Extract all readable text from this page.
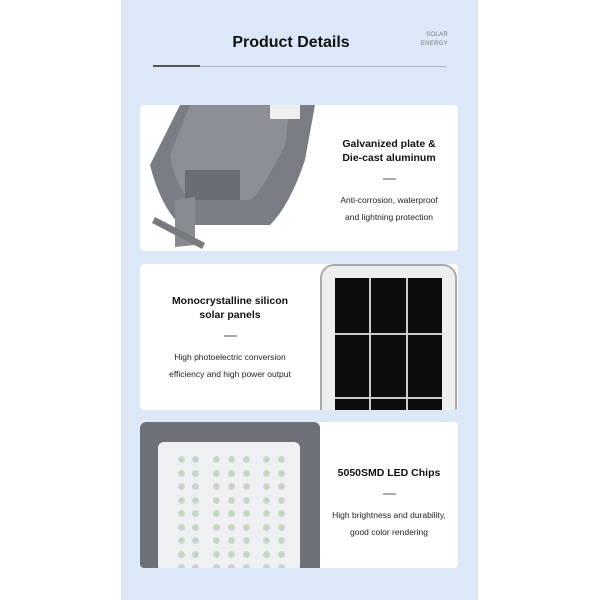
Product Details	SOLAR
ENERGY
Galvanized plate &
Die-cast aluminum
Anti-corrosion, waterproof
and lightning protection
Monocrystalline silicon
solar panels
High photoelectric conversion
efficiency and high power output
5050SMD LED Chips
High brightness and durability,
good color rendering
